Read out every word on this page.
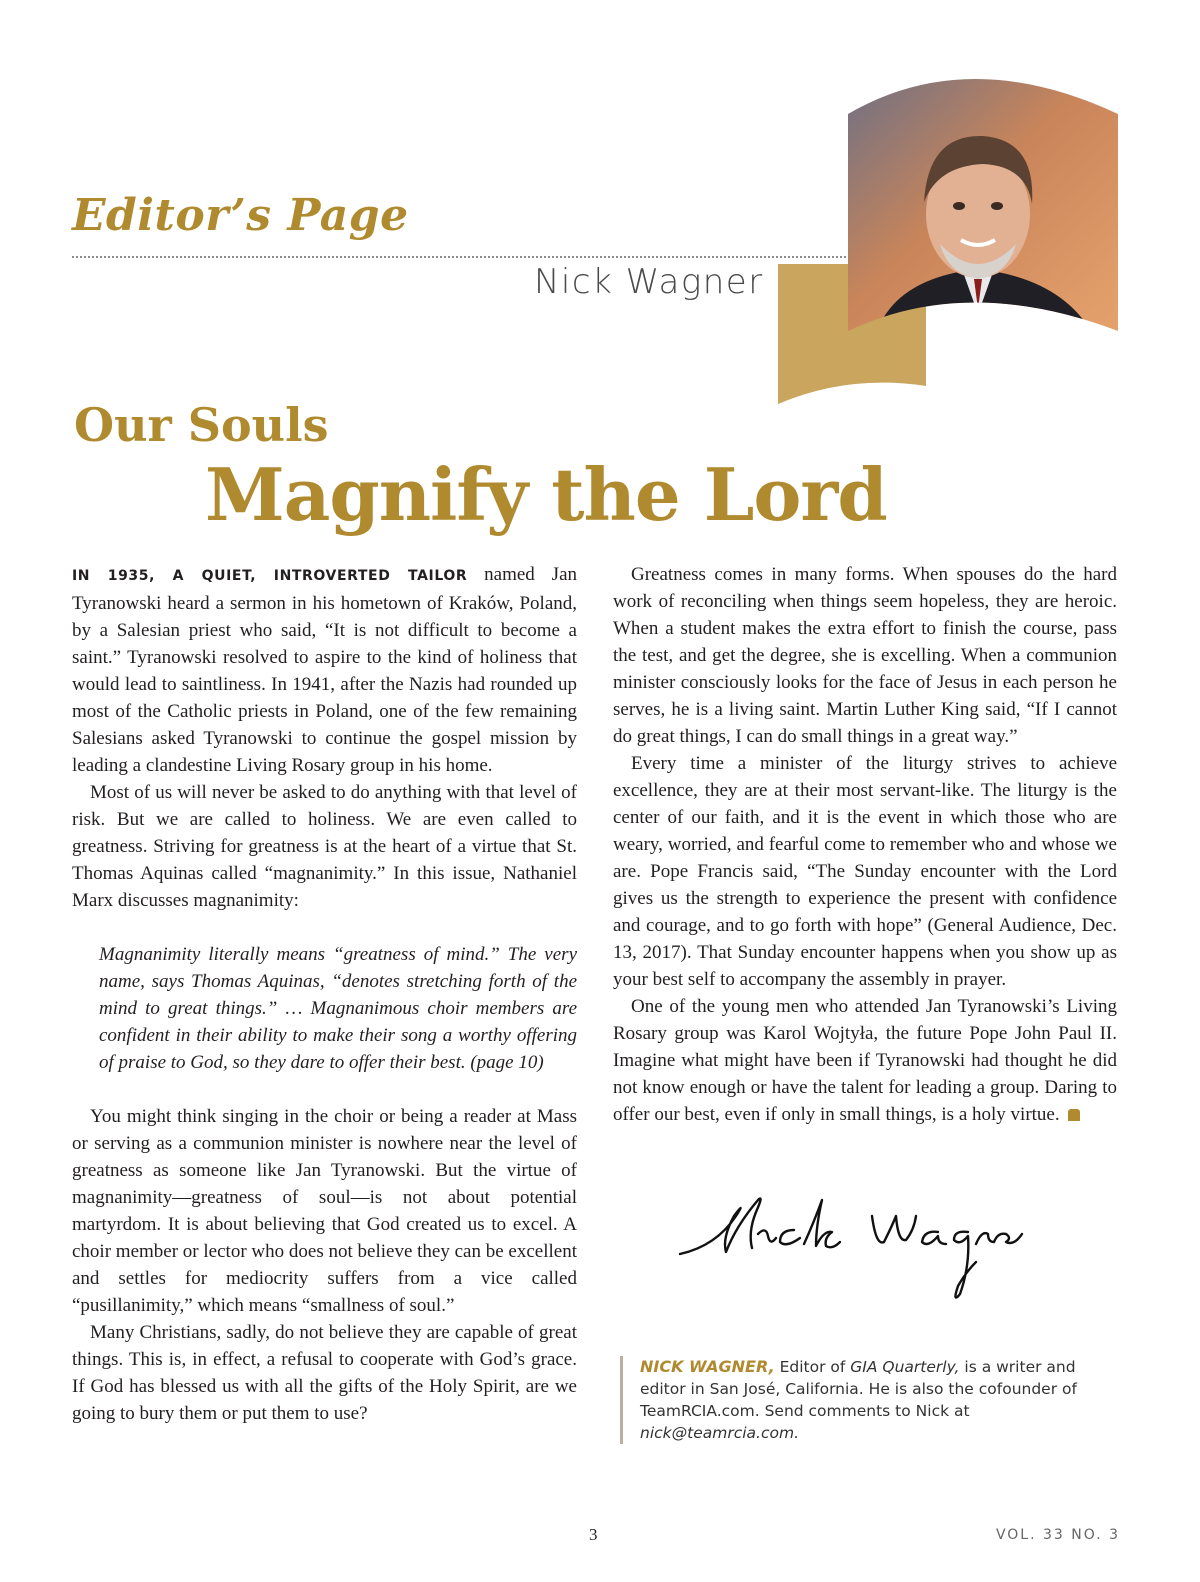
Editor’s Page
Nick Wagner
Our Souls
Magnify the Lord

IN 1935, A QUIET, INTROVERTED TAILOR named Jan Tyranowski heard a sermon in his hometown of Kraków, Poland, by a Salesian priest who said, “It is not difficult to become a saint.” Tyranowski resolved to aspire to the kind of holiness that would lead to saintliness. In 1941, after the Nazis had rounded up most of the Catholic priests in Poland, one of the few remaining Salesians asked Tyranowski to continue the gospel mission by leading a clandestine Living Rosary group in his home.

Most of us will never be asked to do anything with that level of risk. But we are called to holiness. We are even called to greatness. Striving for greatness is at the heart of a virtue that St. Thomas Aquinas called “magnanimity.” In this issue, Nathaniel Marx discusses magnanimity:

Magnanimity literally means “greatness of mind.” The very name, says Thomas Aquinas, “denotes stretching forth of the mind to great things.” … Magnanimous choir members are confident in their ability to make their song a worthy offering of praise to God, so they dare to offer their best. (page 10)

You might think singing in the choir or being a reader at Mass or serving as a communion minister is nowhere near the level of greatness as someone like Jan Tyranowski. But the virtue of magnanimity—greatness of soul—is not about potential martyrdom. It is about believing that God created us to excel. A choir member or lector who does not believe they can be excellent and settles for mediocrity suffers from a vice called “pusillanimity,” which means “smallness of soul.”

Many Christians, sadly, do not believe they are capable of great things. This is, in effect, a refusal to cooperate with God’s grace. If God has blessed us with all the gifts of the Holy Spirit, are we going to bury them or put them to use?

Greatness comes in many forms. When spouses do the hard work of reconciling when things seem hopeless, they are heroic. When a student makes the extra effort to finish the course, pass the test, and get the degree, she is excelling. When a communion minister consciously looks for the face of Jesus in each person he serves, he is a living saint. Martin Luther King said, “If I cannot do great things, I can do small things in a great way.”

Every time a minister of the liturgy strives to achieve excellence, they are at their most servant-like. The liturgy is the center of our faith, and it is the event in which those who are weary, worried, and fearful come to remember who and whose we are. Pope Francis said, “The Sunday encounter with the Lord gives us the strength to experience the present with confidence and courage, and to go forth with hope” (General Audience, Dec. 13, 2017). That Sunday encounter happens when you show up as your best self to accompany the assembly in prayer.

One of the young men who attended Jan Tyranowski’s Living Rosary group was Karol Wojtyła, the future Pope John Paul II. Imagine what might have been if Tyranowski had thought he did not know enough or have the talent for leading a group. Daring to offer our best, even if only in small things, is a holy virtue.

NICK WAGNER, Editor of GIA Quarterly, is a writer and editor in San José, California. He is also the cofounder of TeamRCIA.com. Send comments to Nick at nick@teamrcia.com.
3	VOL. 33 NO. 3
